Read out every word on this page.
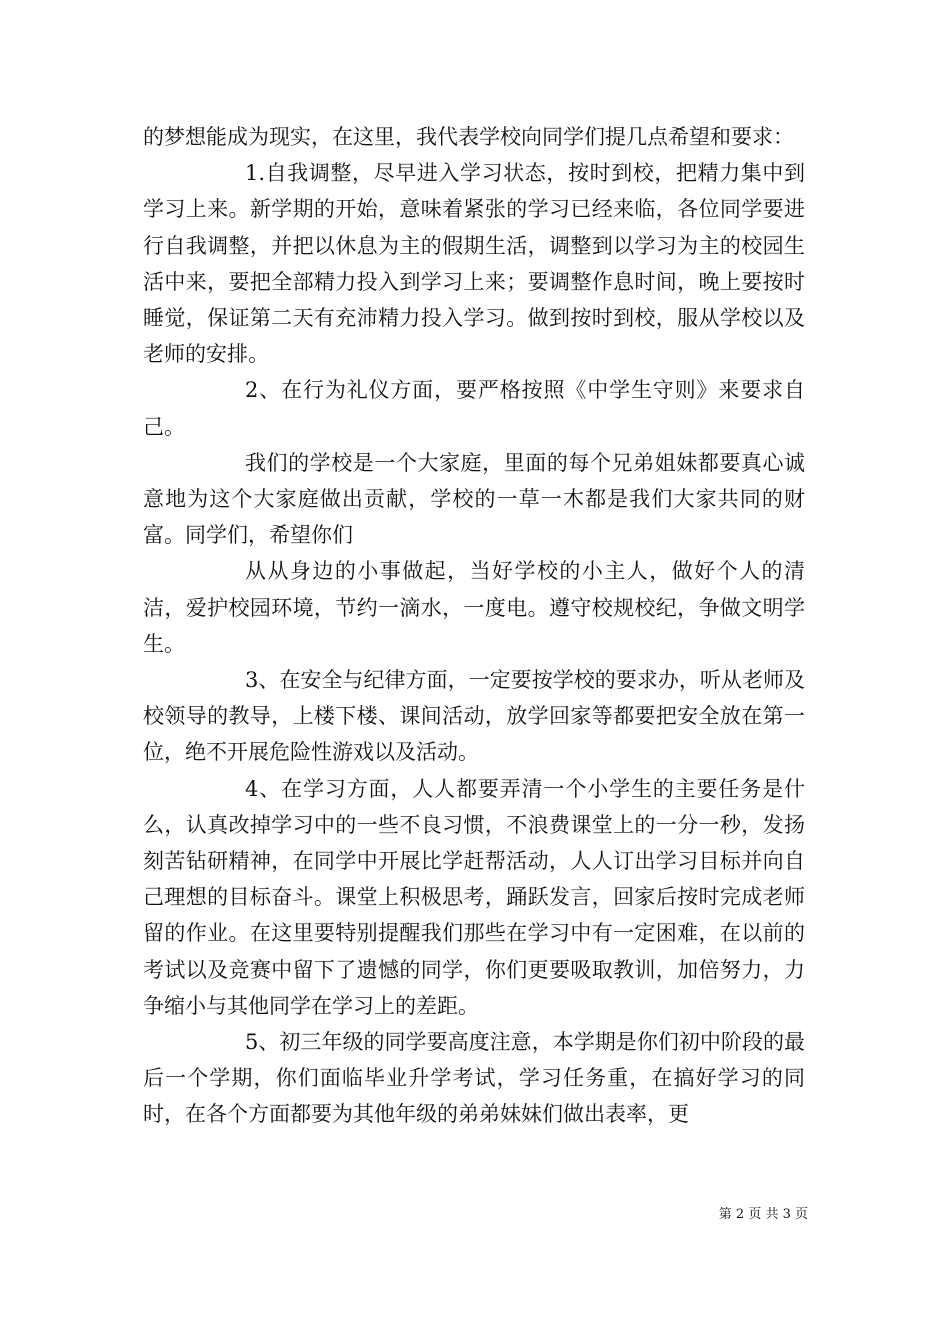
的梦想能成为现实，在这里，我代表学校向同学们提几点希望和要求：

1.自我调整，尽早进入学习状态，按时到校，把精力集中到学习上来。新学期的开始，意味着紧张的学习已经来临，各位同学要进行自我调整，并把以休息为主的假期生活，调整到以学习为主的校园生活中来，要把全部精力投入到学习上来；要调整作息时间，晚上要按时睡觉，保证第二天有充沛精力投入学习。做到按时到校，服从学校以及老师的安排。

2、在行为礼仪方面，要严格按照《中学生守则》来要求自己。

我们的学校是一个大家庭，里面的每个兄弟姐妹都要真心诚意地为这个大家庭做出贡献，学校的一草一木都是我们大家共同的财富。同学们，希望你们

从从身边的小事做起，当好学校的小主人，做好个人的清洁，爱护校园环境，节约一滴水，一度电。遵守校规校纪，争做文明学生。

3、在安全与纪律方面，一定要按学校的要求办，听从老师及校领导的教导，上楼下楼、课间活动，放学回家等都要把安全放在第一位，绝不开展危险性游戏以及活动。

4、在学习方面，人人都要弄清一个小学生的主要任务是什么，认真改掉学习中的一些不良习惯，不浪费课堂上的一分一秒，发扬刻苦钻研精神，在同学中开展比学赶帮活动，人人订出学习目标并向自己理想的目标奋斗。课堂上积极思考，踊跃发言，回家后按时完成老师留的作业。在这里要特别提醒我们那些在学习中有一定困难，在以前的考试以及竞赛中留下了遗憾的同学，你们更要吸取教训，加倍努力，力争缩小与其他同学在学习上的差距。

5、初三年级的同学要高度注意，本学期是你们初中阶段的最后一个学期，你们面临毕业升学考试，学习任务重，在搞好学习的同时，在各个方面都要为其他年级的弟弟妹妹们做出表率，更

第 2 页 共 3 页
